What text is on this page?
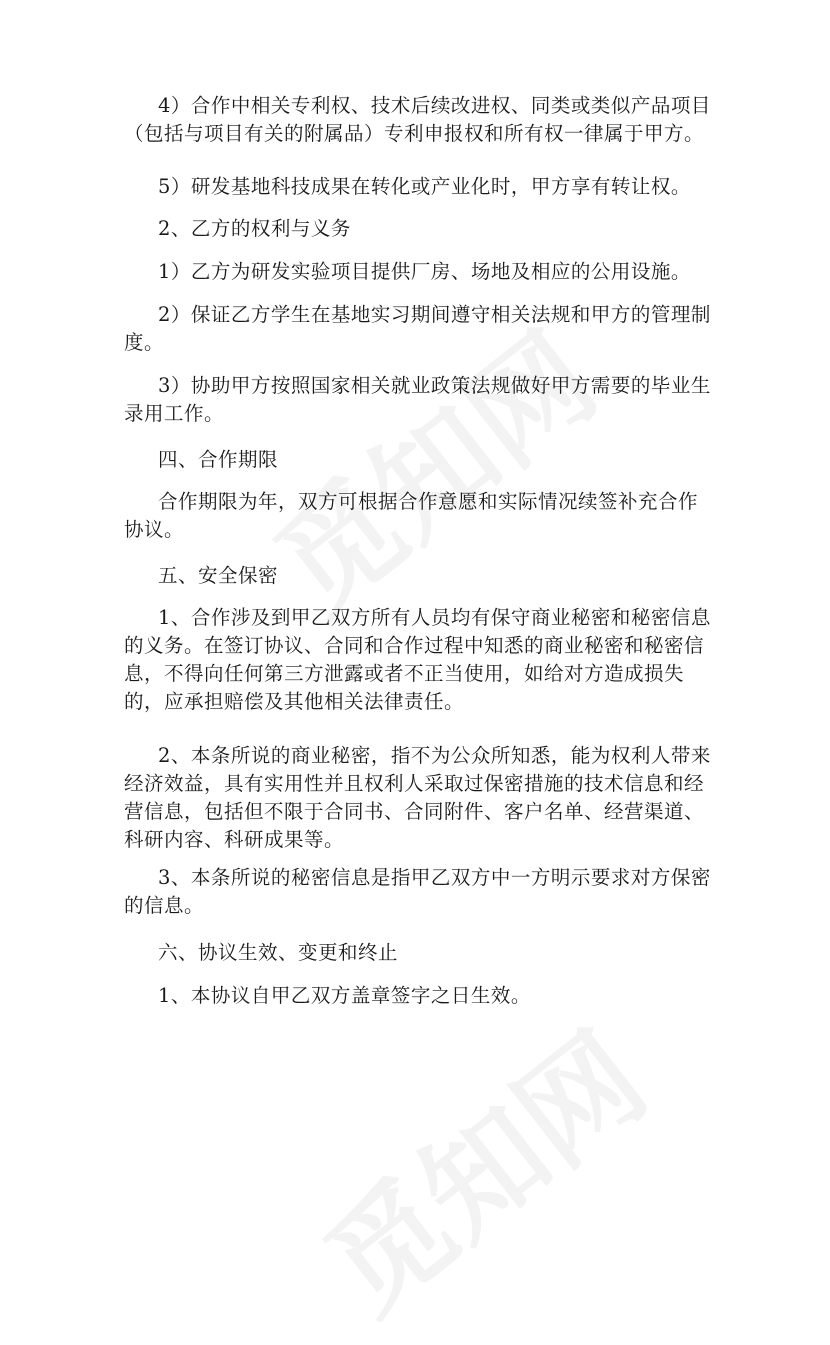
4）合作中相关专利权、技术后续改进权、同类或类似产品项目（包括与项目有关的附属品）专利申报权和所有权一律属于甲方。

5）研发基地科技成果在转化或产业化时，甲方享有转让权。

2、乙方的权利与义务

1）乙方为研发实验项目提供厂房、场地及相应的公用设施。

2）保证乙方学生在基地实习期间遵守相关法规和甲方的管理制度。

3）协助甲方按照国家相关就业政策法规做好甲方需要的毕业生录用工作。

四、合作期限

合作期限为年，双方可根据合作意愿和实际情况续签补充合作协议。

五、安全保密

1、合作涉及到甲乙双方所有人员均有保守商业秘密和秘密信息的义务。在签订协议、合同和合作过程中知悉的商业秘密和秘密信息，不得向任何第三方泄露或者不正当使用，如给对方造成损失的，应承担赔偿及其他相关法律责任。

2、本条所说的商业秘密，指不为公众所知悉，能为权利人带来经济效益，具有实用性并且权利人采取过保密措施的技术信息和经营信息，包括但不限于合同书、合同附件、客户名单、经营渠道、科研内容、科研成果等。

3、本条所说的秘密信息是指甲乙双方中一方明示要求对方保密的信息。

六、协议生效、变更和终止

1、本协议自甲乙双方盖章签字之日生效。
